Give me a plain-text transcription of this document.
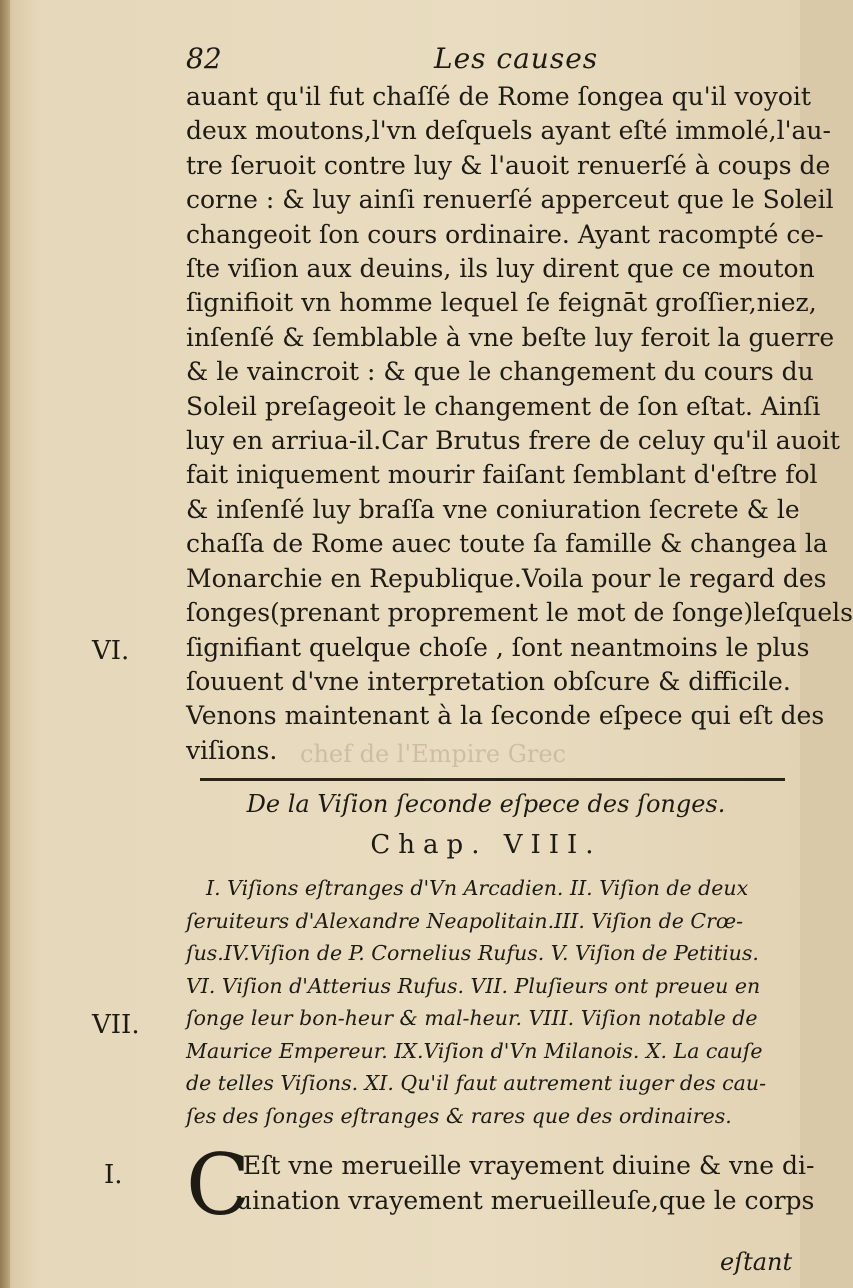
chef de l'Empire Grec
82	Les causes
auant qu'il fut chaſſé de Rome ſongea qu'il voyoit
deux moutons,l'vn deſquels ayant eſté immolé,l'au-
tre ſeruoit contre luy & l'auoit renuerſé à coups de
corne : & luy ainſi renuerſé apperceut que le Soleil
changeoit ſon cours ordinaire. Ayant racompté ce-
ſte viſion aux deuins, ils luy dirent que ce mouton
ſignifioit vn homme lequel ſe feignāt groſſier,niez,
inſenſé & ſemblable à vne beſte luy feroit la guerre
& le vaincroit : & que le changement du cours du
Soleil preſageoit le changement de ſon eſtat. Ainſi
luy en arriua-il.Car Brutus frere de celuy qu'il auoit
fait iniquement mourir faiſant ſemblant d'eſtre fol
& inſenſé luy braſſa vne coniuration ſecrete & le
chaſſa de Rome auec toute ſa famille & changea la
Monarchie en Republique.Voila pour le regard des
ſonges(prenant proprement le mot de ſonge)leſquels
ſignifiant quelque choſe , ſont neantmoins le plus
ſouuent d'vne interpretation obſcure & difficile.
Venons maintenant à la ſeconde eſpece qui eſt des
viſions.
VI.
De la Viſion ſeconde eſpece des ſonges.
Chap. VIII.
I. Viſions eſtranges d'Vn Arcadien. II. Viſion de deux
ſeruiteurs d'Alexandre Neapolitain.III. Viſion de Crœ-
ſus.IV.Viſion de P. Cornelius Rufus. V. Viſion de Petitius.
VI. Viſion d'Atterius Rufus. VII. Pluſieurs ont preueu en
ſonge leur bon-heur & mal-heur. VIII. Viſion notable de
Maurice Empereur. IX.Viſion d'Vn Milanois. X. La cauſe
de telles Viſions. XI. Qu'il faut autrement iuger des cau-
ſes des ſonges eſtranges & rares que des ordinaires.
VII.
I. C
'Eſt vne merueille vrayement diuine & vne di-
uination vrayement merueilleuſe,que le corps
eſtant
